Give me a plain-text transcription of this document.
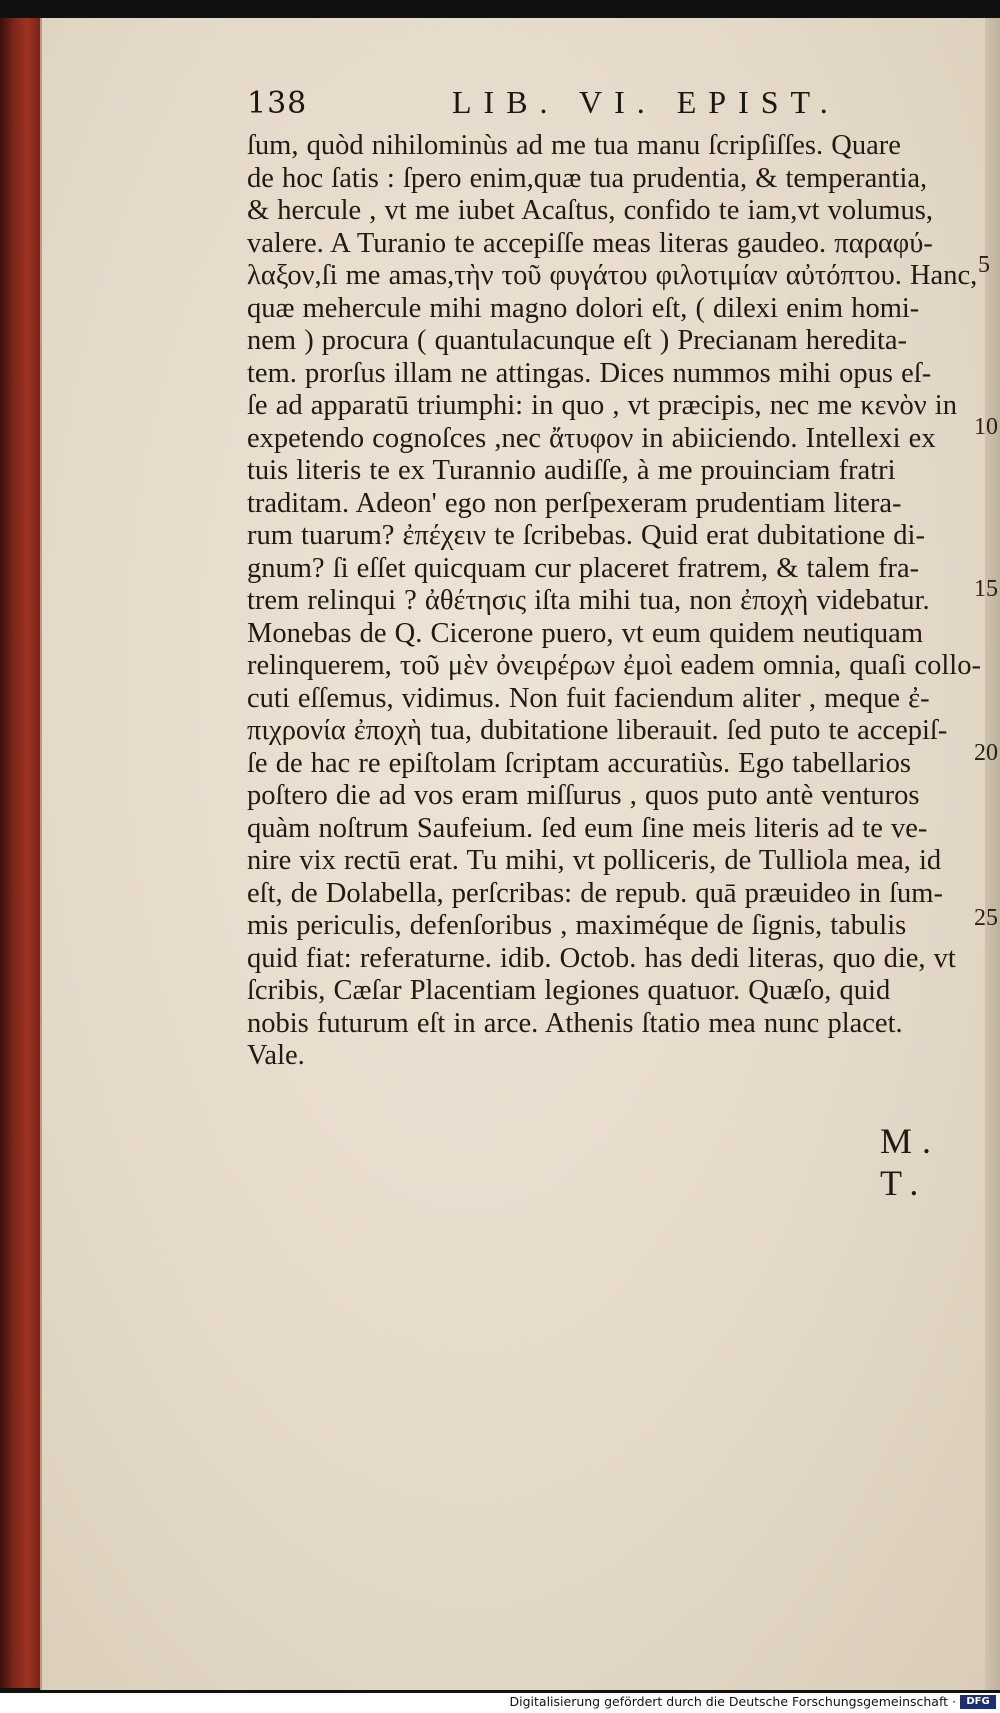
138	LIB. VI. EPIST.
ſum, quòd nihilominùs ad me tua manu ſcripſiſſes. Quare
de hoc ſatis : ſpero enim,quæ tua prudentia, & temperantia,
& hercule , vt me iubet Acaſtus, confido te iam,vt volumus,
valere. A Turanio te accepiſſe meas literas gaudeo. παραφύ-
λαξον,ſi me amas,τὴν τοῦ φυγάτου φιλοτιμίαν αὐτόπτου. Hanc,
quæ mehercule mihi magno dolori eſt, ( dilexi enim homi-
nem ) procura ( quantulacunque eſt ) Precianam hereditа-
tem. prorſus illam ne attingas. Dices nummos mihi opus eſ-
ſe ad apparatū triumphi: in quo , vt præcipis, nec me κενὸν in
expetendo cognoſces ,nec ἄτυφον in abiiciendo. Intellexi ex
tuis literis te ex Turannio audiſſe, à me prouinciam fratri
traditam. Adeon' ego non perſpexeram prudentiam litera-
rum tuarum? ἐπέχειν te ſcribebas. Quid erat dubitatione di-
gnum? ſi eſſet quicquam cur placeret fratrem, & talem fra-
trem relinqui ? ἀθέτησις iſta mihi tua, non ἐποχὴ videbatur.
Monebas de Q. Cicerone puero, vt eum quidem neutiquam
relinquerem, τοῦ μὲν ὀνειρέρων ἐμοὶ eadem omnia, quaſi collo-
cuti eſſemus, vidimus. Non fuit faciendum aliter , meque ἐ-
πιχρονία ἐποχὴ tua, dubitatione liberauit. ſed puto te accepiſ-
ſe de hac re epiſtolam ſcriptam accuratiùs. Ego tabellarios
poſtero die ad vos eram miſſurus , quos puto antè venturos
quàm noſtrum Saufeium. ſed eum ſine meis literis ad te ve-
nire vix rectū erat. Tu mihi, vt polliceris, de Tulliola mea, id
eſt, de Dolabella, perſcribas: de repub. quā præuideo in ſum-
mis periculis, defenſoribus , maximéque de ſignis, tabulis
quid fiat: referaturne. idib. Octob. has dedi literas, quo die, vt
ſcribis, Cæſar Placentiam legiones quatuor. Quæſo, quid
nobis futurum eſt in arce. Athenis ſtatio mea nunc placet.
Vale.
M. T.
5
10
15
20
25
Digitalisierung gefördert durch die Deutsche Forschungsgemeinschaft ·	DFG
